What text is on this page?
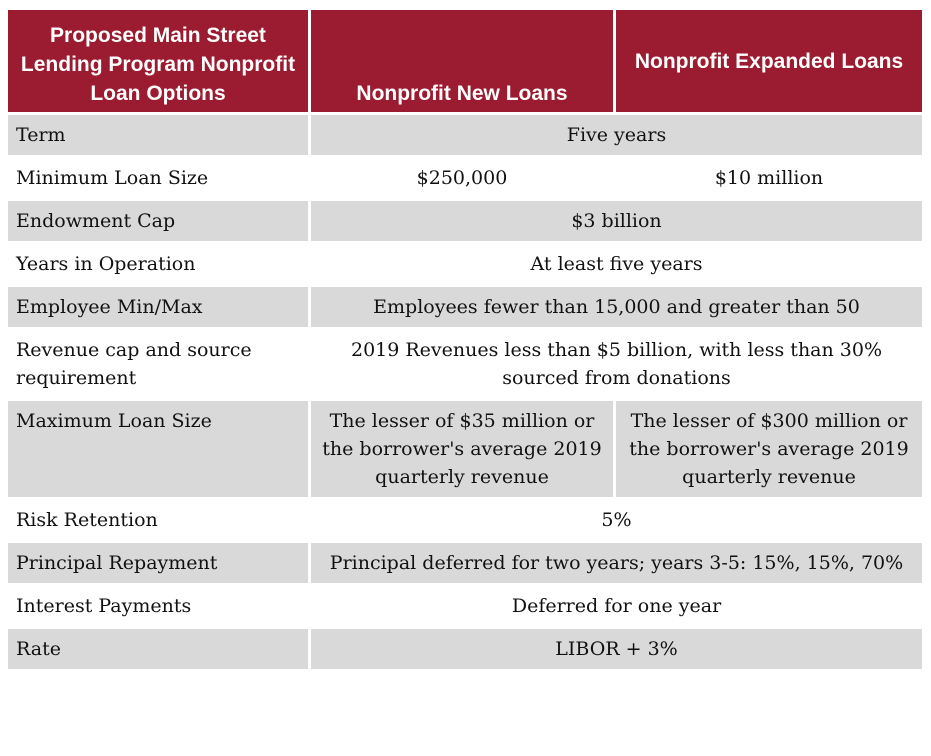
Proposed Main Street Lending Program Nonprofit Loan Options	Nonprofit New Loans	Nonprofit Expanded Loans
Term	Five years	
Minimum Loan Size	$250,000	$10 million
Endowment Cap	$3 billion	
Years in Operation	At least five years	
Employee Min/Max	Employees fewer than 15,000 and greater than 50	
Revenue cap and source requirement	2019 Revenues less than $5 billion, with less than 30% sourced from donations	
Maximum Loan Size	The lesser of $35 million or the borrower's average 2019 quarterly revenue	The lesser of $300 million or the borrower's average 2019 quarterly revenue
Risk Retention	5%	
Principal Repayment	Principal deferred for two years; years 3-5: 15%, 15%, 70%	
Interest Payments	Deferred for one year	
Rate	LIBOR + 3%	
